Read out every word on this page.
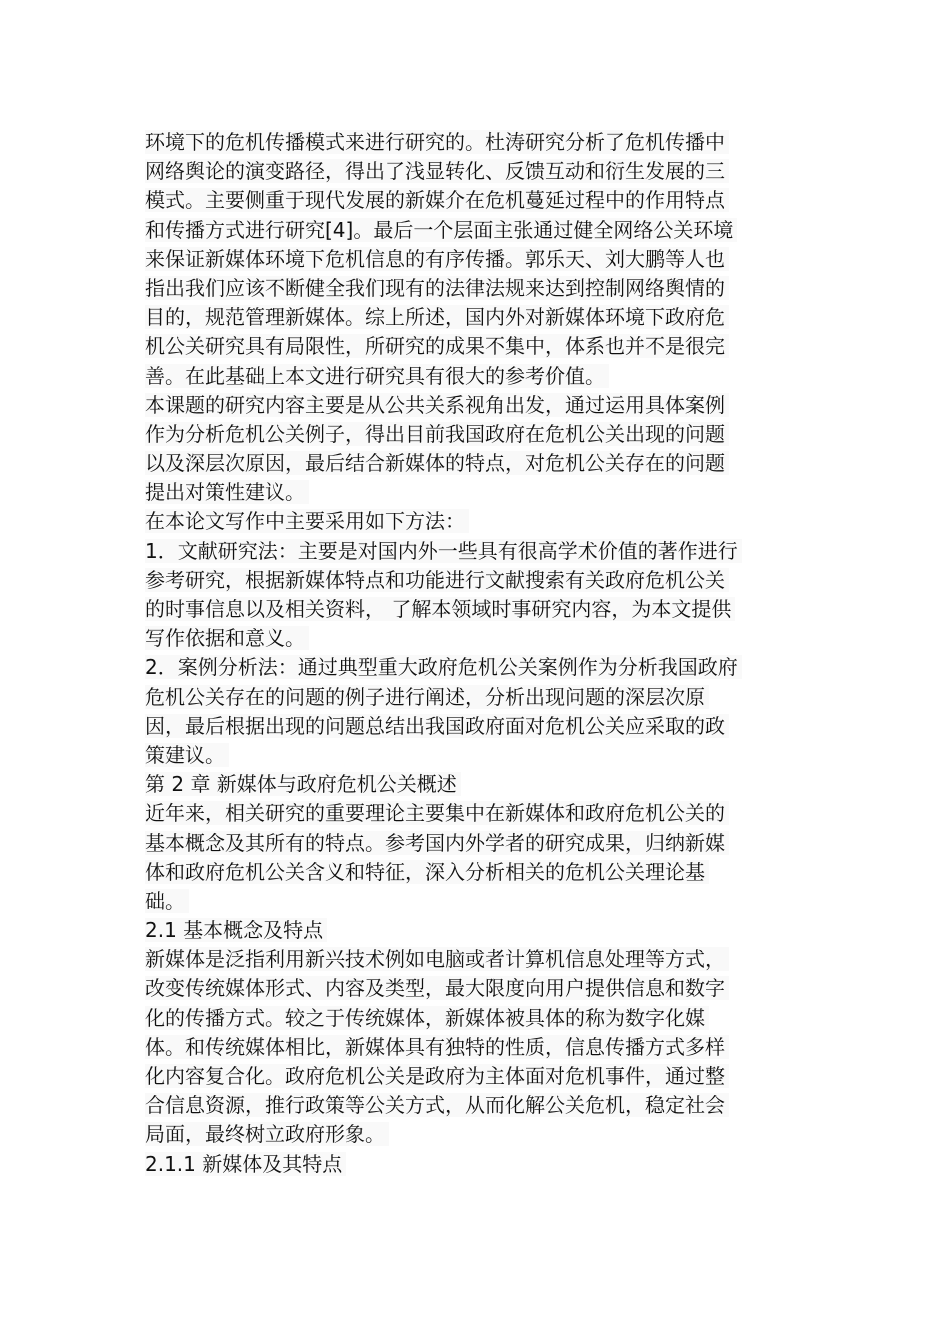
环境下的危机传播模式来进行研究的。杜涛研究分析了危机传播中
网络舆论的演变路径，得出了浅显转化、反馈互动和衍生发展的三
模式。主要侧重于现代发展的新媒介在危机蔓延过程中的作用特点
和传播方式进行研究[4]。最后一个层面主张通过健全网络公关环境
来保证新媒体环境下危机信息的有序传播。郭乐天、刘大鹏等人也
指出我们应该不断健全我们现有的法律法规来达到控制网络舆情的
目的，规范管理新媒体。综上所述，国内外对新媒体环境下政府危
机公关研究具有局限性，所研究的成果不集中，体系也并不是很完
善。在此基础上本文进行研究具有很大的参考价值。
本课题的研究内容主要是从公共关系视角出发，通过运用具体案例
作为分析危机公关例子，得出目前我国政府在危机公关出现的问题
以及深层次原因，最后结合新媒体的特点，对危机公关存在的问题
提出对策性建议。
在本论文写作中主要采用如下方法：
1．文献研究法：主要是对国内外一些具有很高学术价值的著作进行
参考研究，根据新媒体特点和功能进行文献搜索有关政府危机公关
的时事信息以及相关资料， 了解本领域时事研究内容，为本文提供
写作依据和意义。
2．案例分析法：通过典型重大政府危机公关案例作为分析我国政府
危机公关存在的问题的例子进行阐述，分析出现问题的深层次原
因，最后根据出现的问题总结出我国政府面对危机公关应采取的政
策建议。
第 2 章 新媒体与政府危机公关概述
近年来，相关研究的重要理论主要集中在新媒体和政府危机公关的
基本概念及其所有的特点。参考国内外学者的研究成果，归纳新媒
体和政府危机公关含义和特征，深入分析相关的危机公关理论基
础。
2.1 基本概念及特点
新媒体是泛指利用新兴技术例如电脑或者计算机信息处理等方式，
改变传统媒体形式、内容及类型，最大限度向用户提供信息和数字
化的传播方式。较之于传统媒体，新媒体被具体的称为数字化媒
体。和传统媒体相比，新媒体具有独特的性质，信息传播方式多样
化内容复合化。政府危机公关是政府为主体面对危机事件，通过整
合信息资源，推行政策等公关方式，从而化解公关危机，稳定社会
局面，最终树立政府形象。
2.1.1 新媒体及其特点
